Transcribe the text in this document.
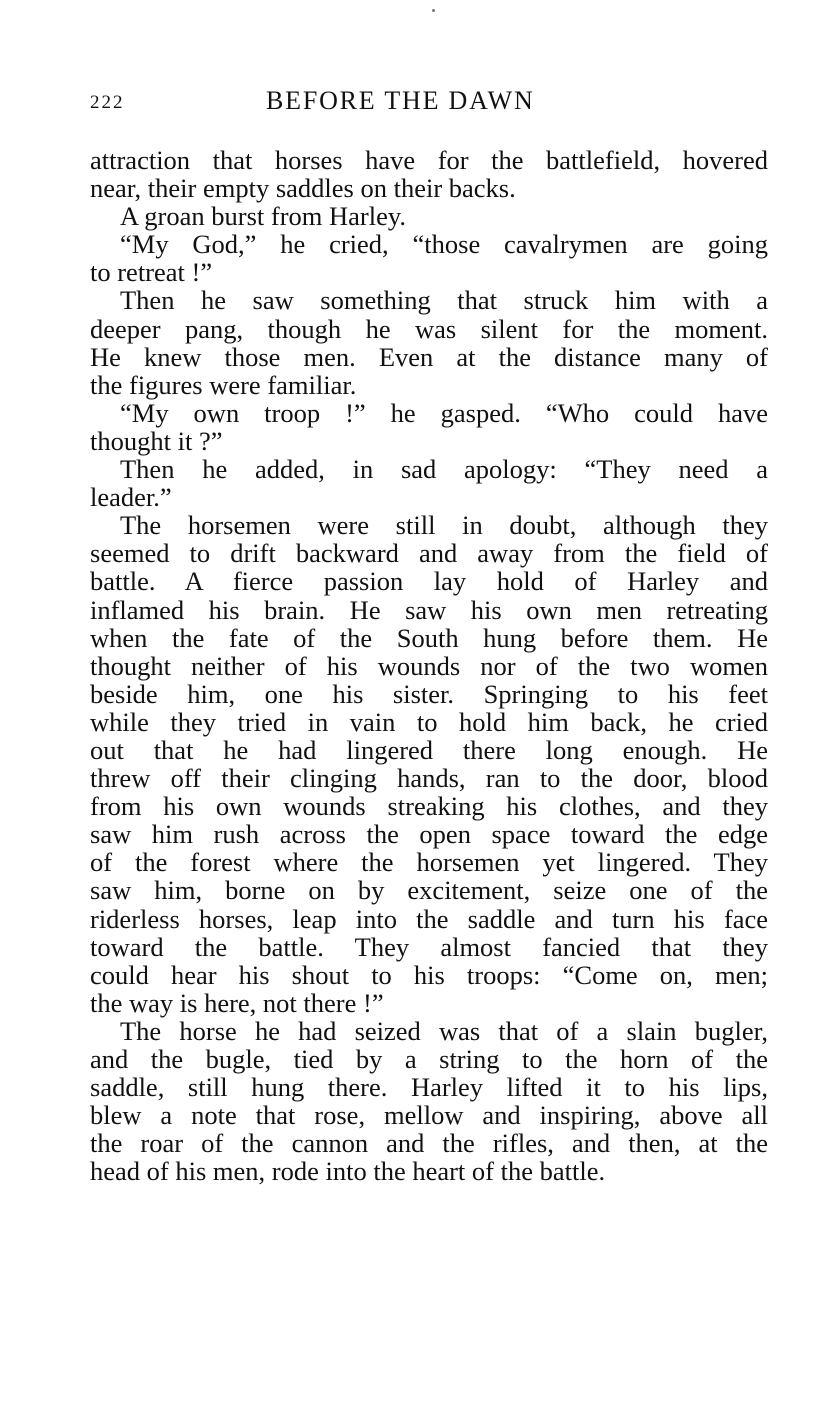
222	BEFORE THE DAWN
attraction that horses have for the battlefield, hovered
near, their empty saddles on their backs.
A groan burst from Harley.
“My God,” he cried, “those cavalrymen are going
to retreat !”
Then he saw something that struck him with a
deeper pang, though he was silent for the moment.
He knew those men. Even at the distance many of
the figures were familiar.
“My own troop !” he gasped. “Who could have
thought it ?”
Then he added, in sad apology: “They need a
leader.”
The horsemen were still in doubt, although they
seemed to drift backward and away from the field of
battle. A fierce passion lay hold of Harley and
inflamed his brain. He saw his own men retreating
when the fate of the South hung before them. He
thought neither of his wounds nor of the two women
beside him, one his sister. Springing to his feet
while they tried in vain to hold him back, he cried
out that he had lingered there long enough. He
threw off their clinging hands, ran to the door, blood
from his own wounds streaking his clothes, and they
saw him rush across the open space toward the edge
of the forest where the horsemen yet lingered. They
saw him, borne on by excitement, seize one of the
riderless horses, leap into the saddle and turn his face
toward the battle. They almost fancied that they
could hear his shout to his troops: “Come on, men;
the way is here, not there !”
The horse he had seized was that of a slain bugler,
and the bugle, tied by a string to the horn of the
saddle, still hung there. Harley lifted it to his lips,
blew a note that rose, mellow and inspiring, above all
the roar of the cannon and the rifles, and then, at the
head of his men, rode into the heart of the battle.
